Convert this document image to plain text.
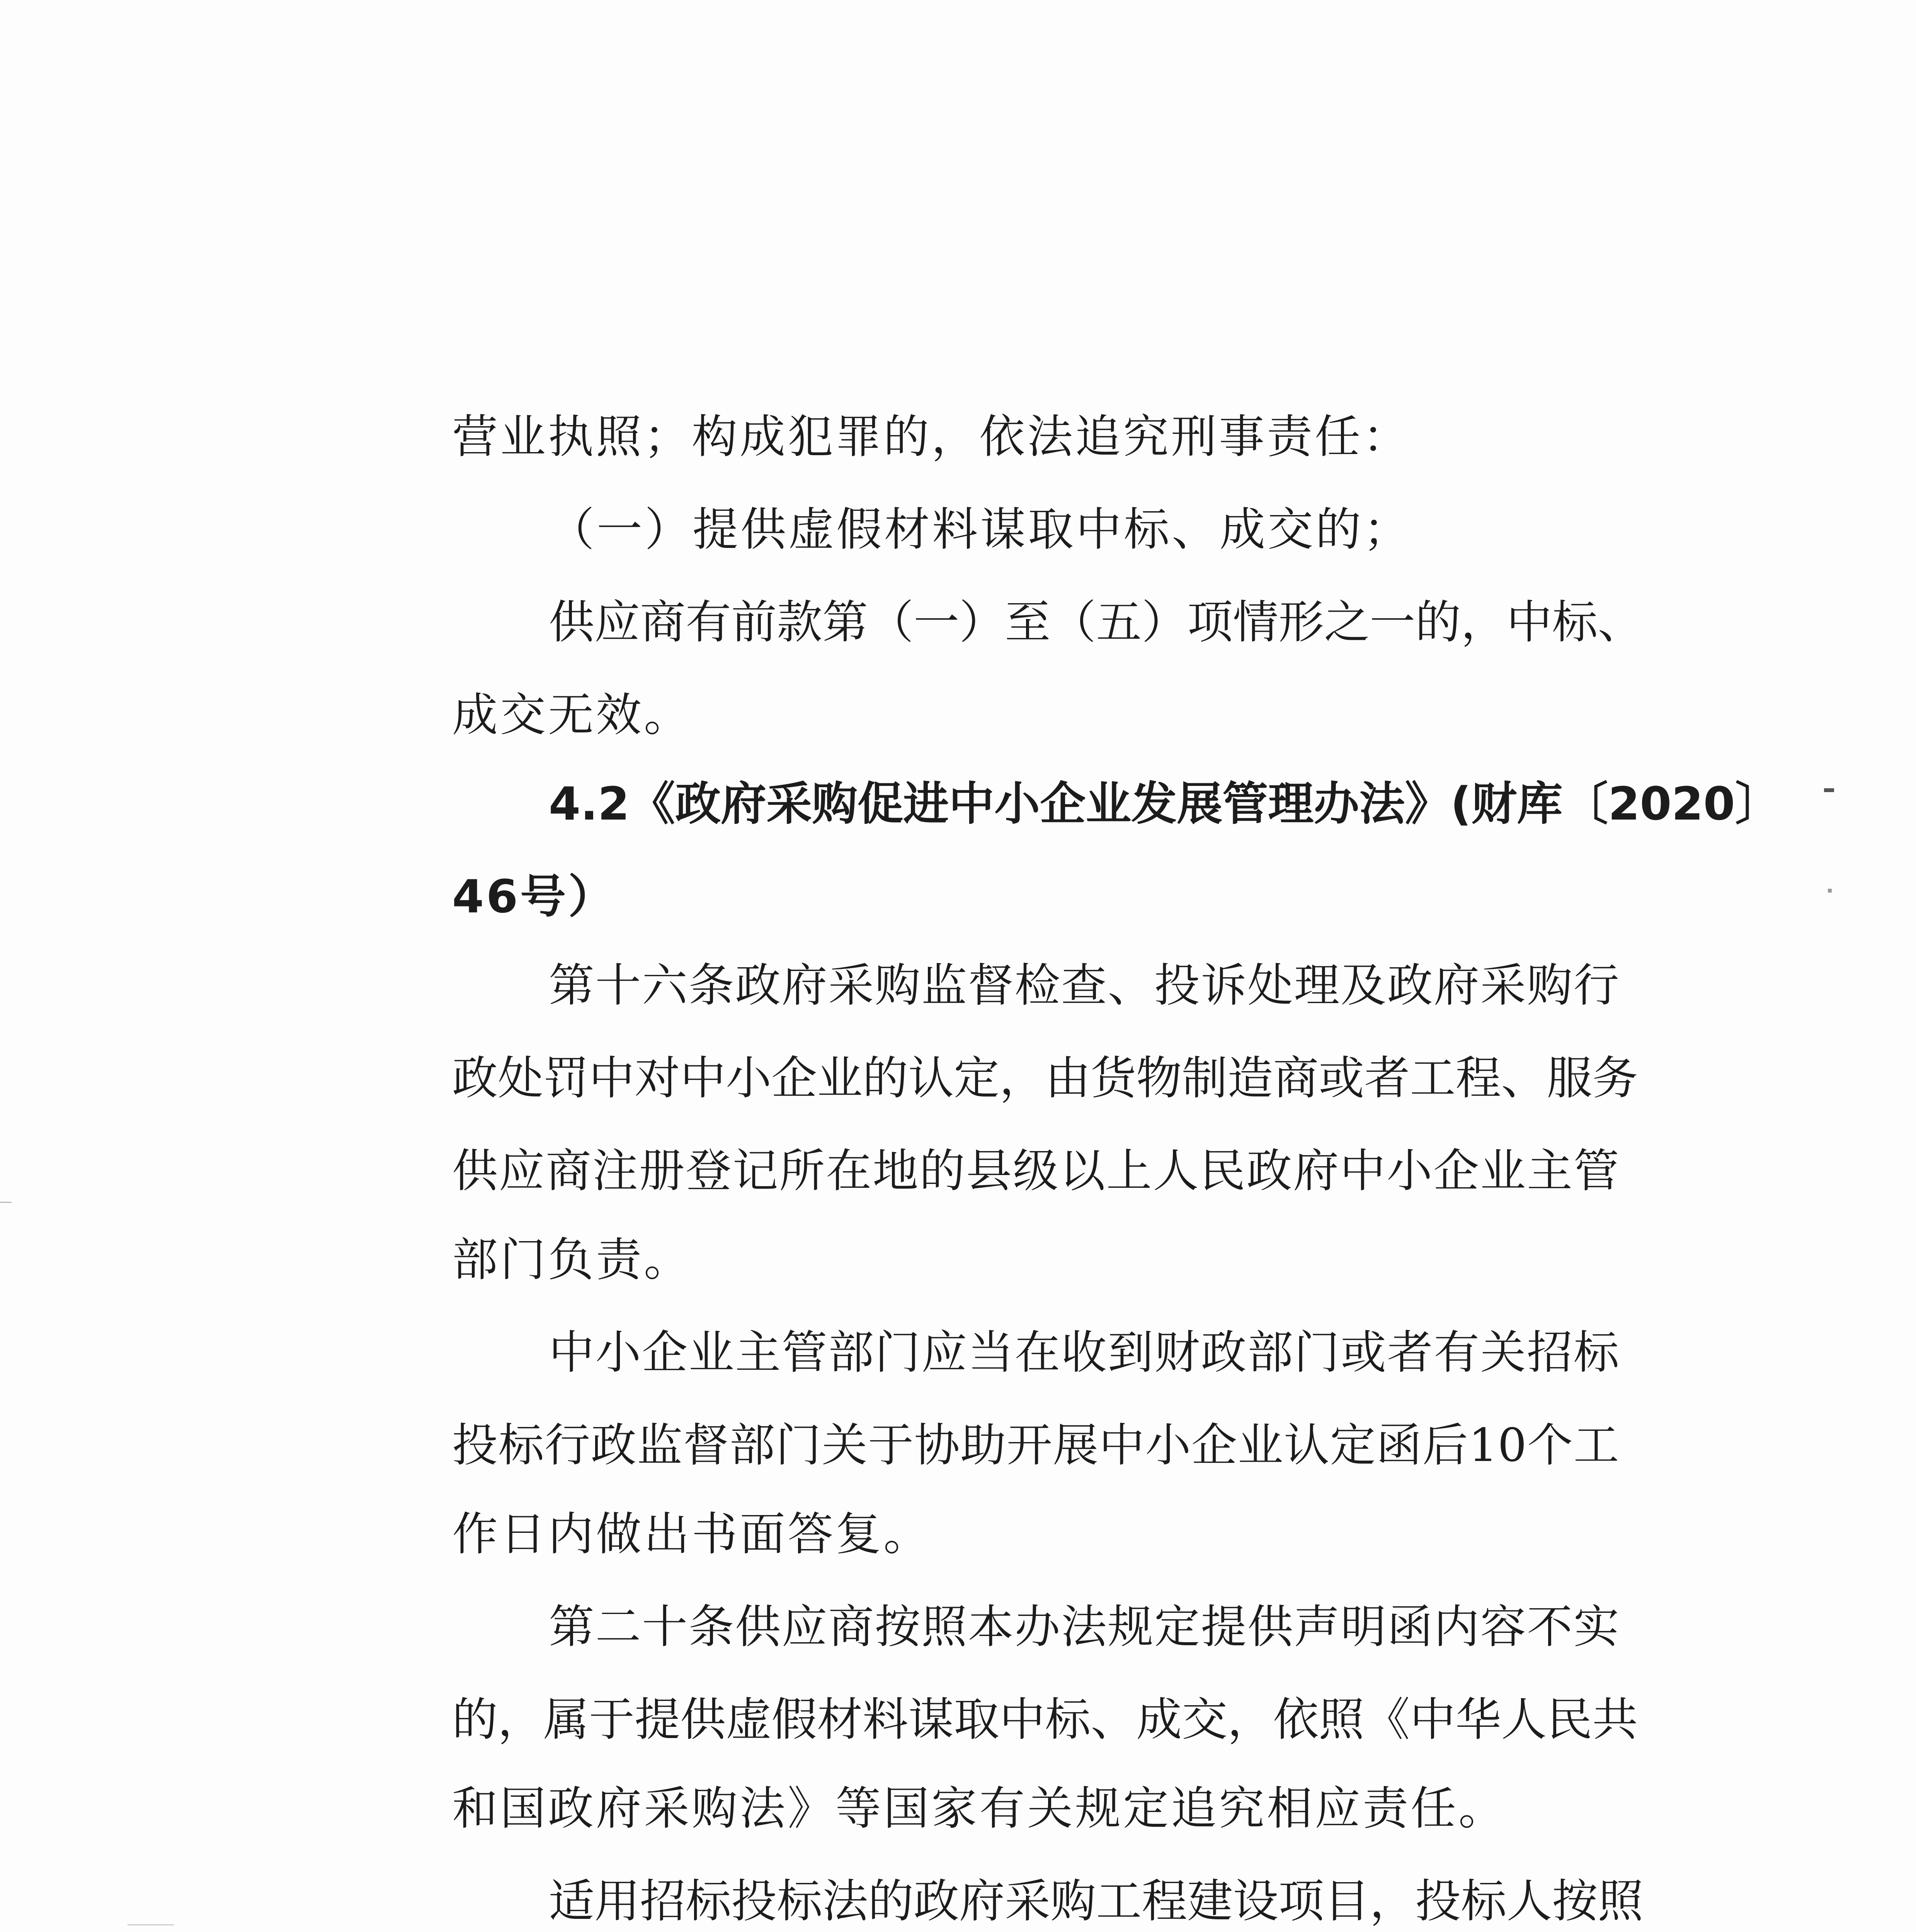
营业执照；构成犯罪的，依法追究刑事责任：
（一）提供虚假材料谋取中标、成交的；
供 应 商 有 前 款 第 （ 一 ） 至 （ 五 ） 项 情 形 之 一 的 ， 中 标 、
成交无效。
4.2 《 政 府 采 购 促 进 中 小 企 业 发 展 管 理 办 法 》 ( 财 库 〔 2020 〕
46号）
第 十 六 条 政 府 采 购 监 督 检 查 、 投 诉 处 理 及 政 府 采 购 行
政 处 罚 中 对 中 小 企 业 的 认 定 ， 由 货 物 制 造 商 或 者 工 程 、 服 务
供 应 商 注 册 登 记 所 在 地 的 县 级 以 上 人 民 政 府 中 小 企 业 主 管
部门负责。
中 小 企 业 主 管 部 门 应 当 在 收 到 财 政 部 门 或 者 有 关 招 标
投 标 行 政 监 督 部 门 关 于 协 助 开 展 中 小 企 业 认 定 函 后 10 个 工
作日内做出书面答复。
第 二 十 条 供 应 商 按 照 本 办 法 规 定 提 供 声 明 函 内 容 不 实
的 ， 属 于 提 供 虚 假 材 料 谋 取 中 标 、 成 交 ， 依 照 《 中 华 人 民 共
和国政府采购法》等国家有关规定追究相应责任。
适 用 招 标 投 标 法 的 政 府 采 购 工 程 建 设 项 目 ， 投 标 人 按 照
